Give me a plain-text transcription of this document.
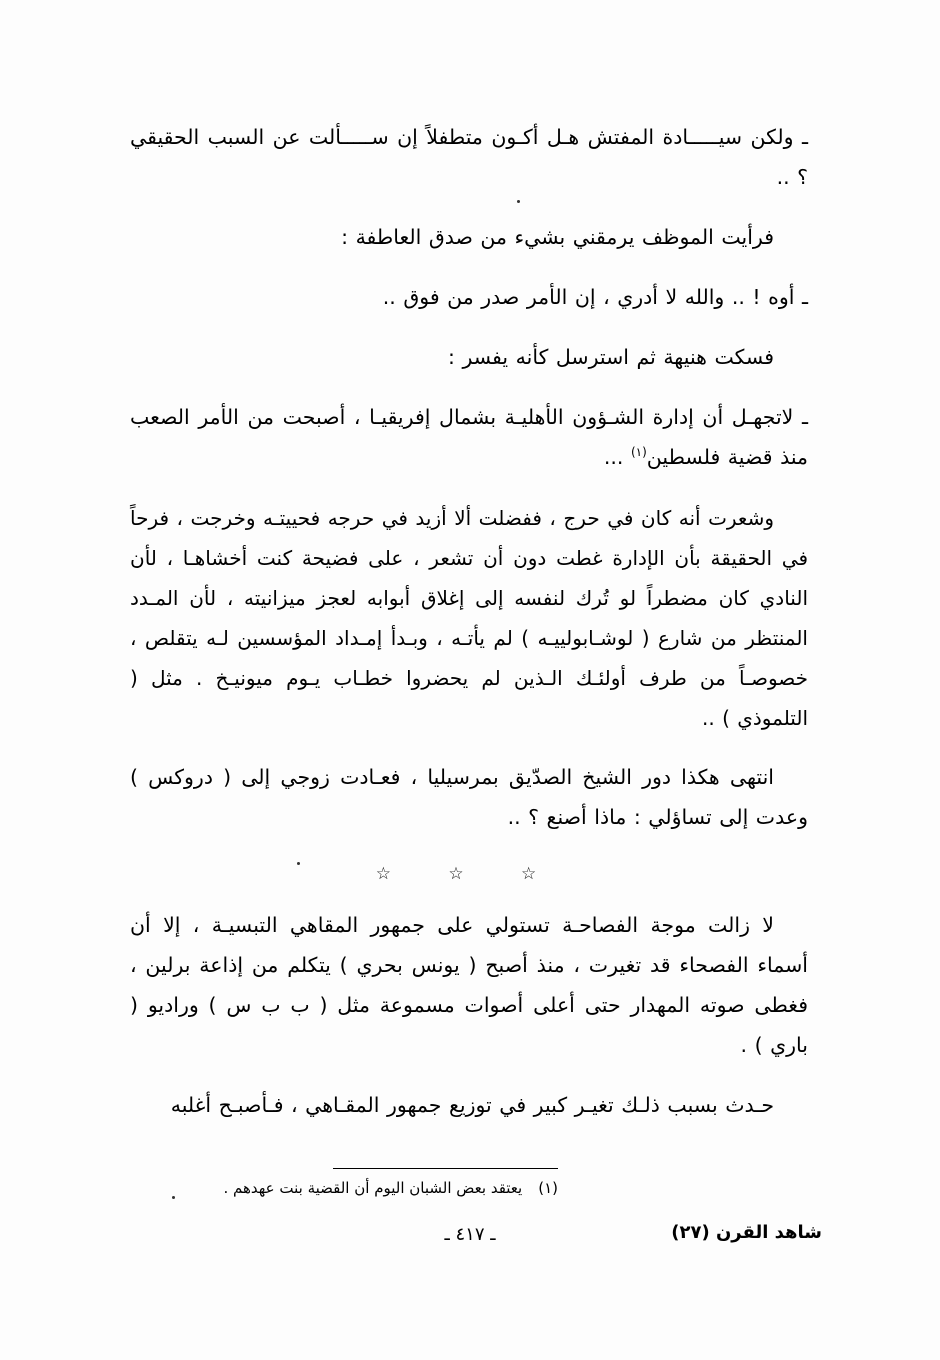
ـ ولكن سيـــــادة المفتش هـل أكـون متطفلاً إن ســـــألت عن السبب الحقيقي ؟ ..

فرأيت الموظف يرمقني بشيء من صدق العاطفة :

ـ أوه ! .. والله لا أدري ، إن الأمر صدر من فوق ..

فسكت هنيهة ثم استرسل كأنه يفسر :

ـ لاتجهـل أن إدارة الشـؤون الأهليـة بشمال إفريقيـا ، أصبحت من الأمر الصعب منذ قضية فلسطين$^{(١)}$ ...

وشعرت أنه كان في حرج ، ففضلت ألا أزيد في حرجه فحييتـه وخرجت ، فرحاً في الحقيقة بأن الإدارة غطت دون أن تشعر ، على فضيحة كنت أخشاهـا ، لأن النادي كان مضطراً لو تُرك لنفسه إلى إغلاق أبوابه لعجز ميزانيته ، لأن المـدد المنتظر من شارع ( لوشـابولييـه ) لم يأتـه ، وبـدأ إمـداد المؤسسين لـه يتقلص ، خصوصـاً من طرف أولئـك الـذين لم يحضروا خطـاب يـوم ميونيـخ . مثل ( التلموذي ) ..

انتهى هكذا دور الشيخ الصدّيق بمرسيليا ، فعـادت زوجي إلى ( دروكس ) وعدت إلى تساؤلي : ماذا أصنع ؟ ..

☆ ☆ ☆

لا زالت موجة الفصاحـة تستولي على جمهور المقاهي التبسيـة ، إلا أن أسماء الفصحاء قد تغيرت ، منذ أصبح ( يونس بحري ) يتكلم من إذاعة برلين ، فغطى صوته المهدار حتى أعلى أصوات مسموعة مثل ( ب ب س ) وراديو ( باري ) .

حـدث بسبب ذلـك تغيـر كبير في توزيع جمهور المقـاهي ، فـأصبـح أغلبه

(١)يعتقد بعض الشبان اليوم أن القضية بنت عهدهم .
شاهد القرن (٢٧)
ـ ٤١٧ ـ
